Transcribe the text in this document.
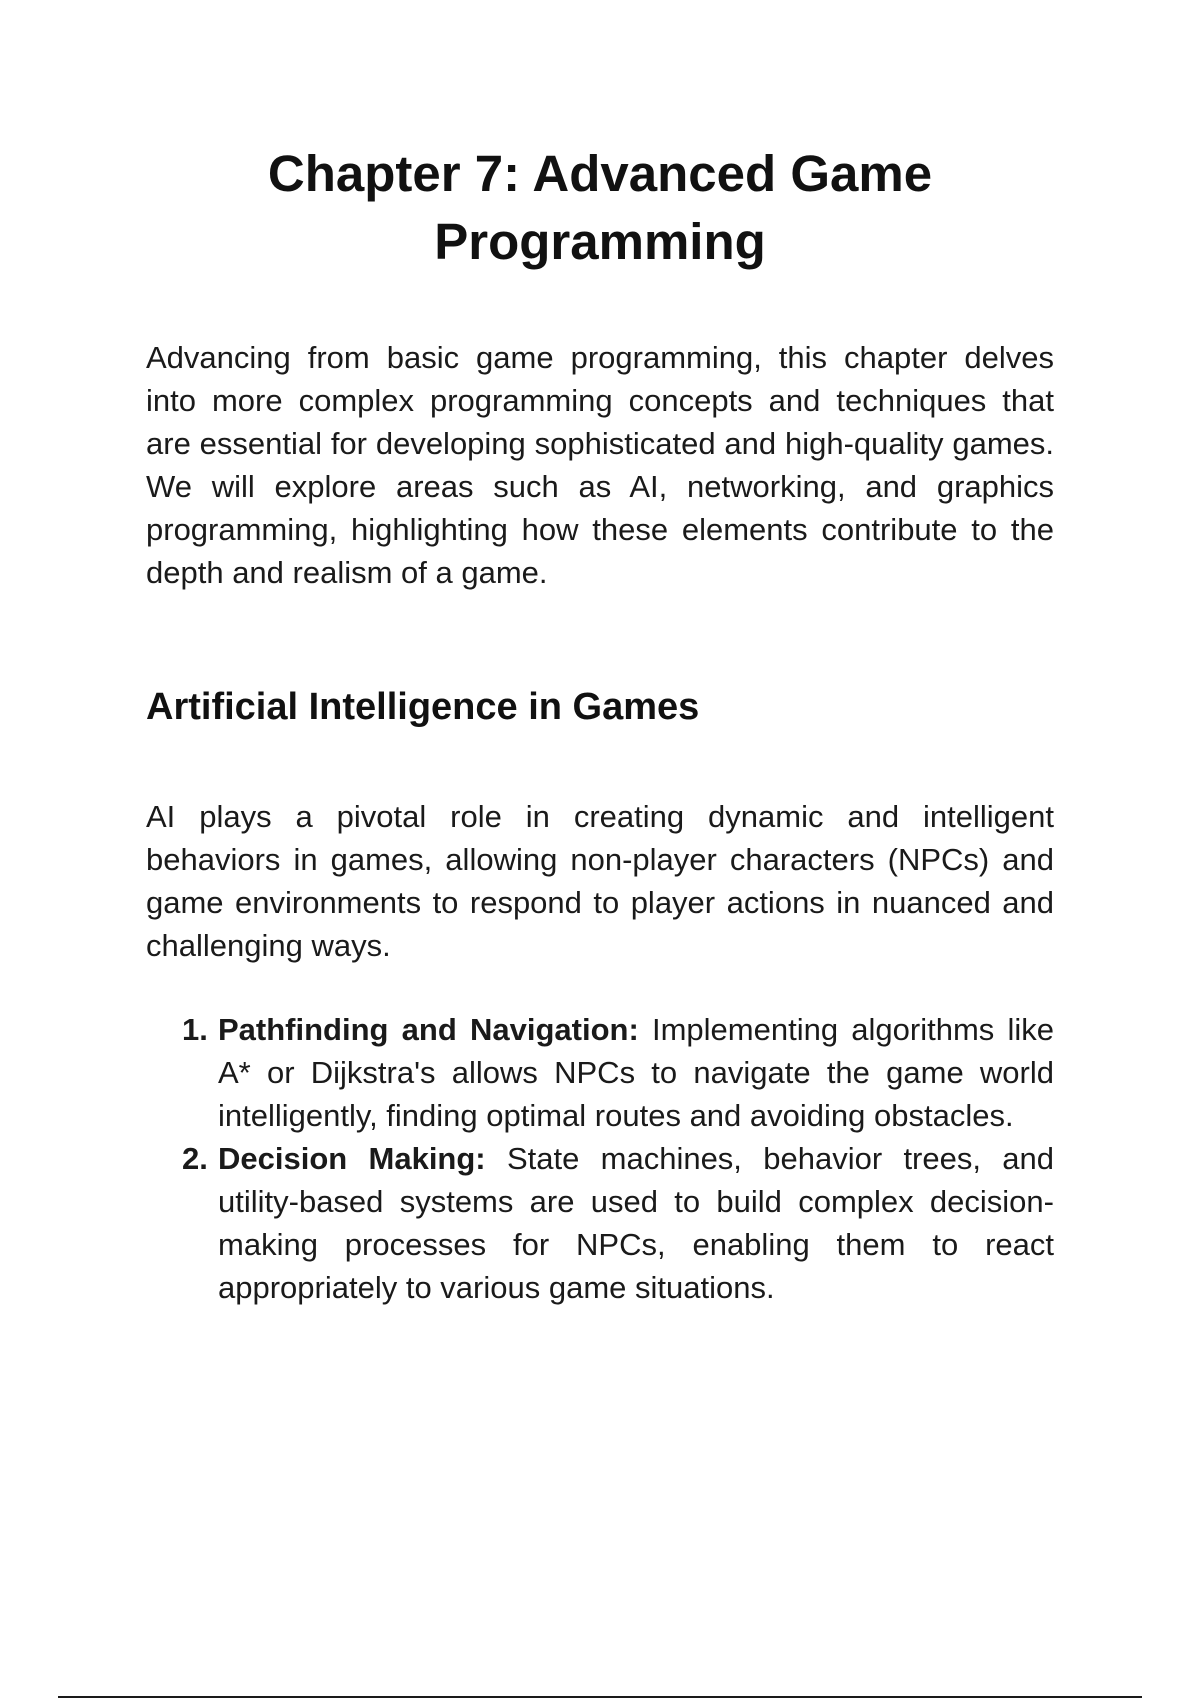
Chapter 7: Advanced Game Programming

Advancing from basic game programming, this chapter delves into more complex programming concepts and techniques that are essential for developing sophisticated and high-quality games. We will explore areas such as AI, networking, and graphics programming, highlighting how these elements contribute to the depth and realism of a game.

Artificial Intelligence in Games

AI plays a pivotal role in creating dynamic and intelligent behaviors in games, allowing non-player characters (NPCs) and game environments to respond to player actions in nuanced and challenging ways.

1. Pathfinding and Navigation: Implementing algorithms like A* or Dijkstra's allows NPCs to navigate the game world intelligently, finding optimal routes and avoiding obstacles.
2. Decision Making: State machines, behavior trees, and utility-based systems are used to build complex decision-making processes for NPCs, enabling them to react appropriately to various game situations.
